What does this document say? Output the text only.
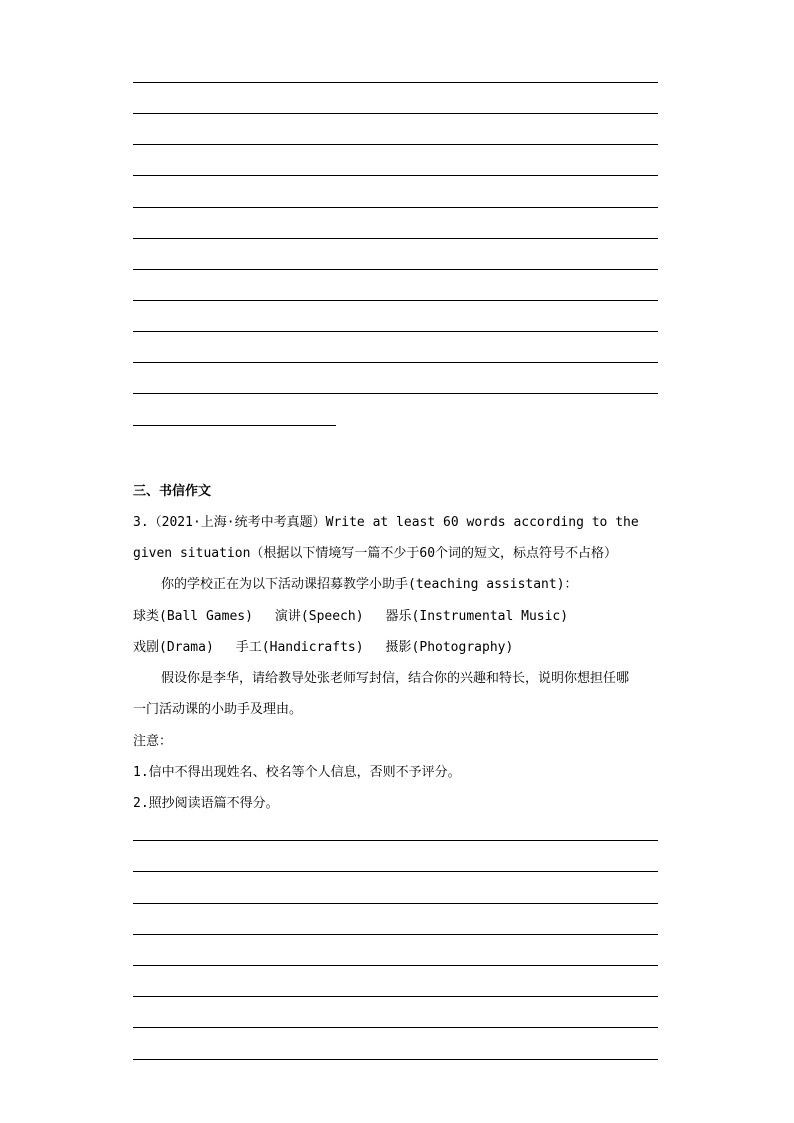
三、书信作文
3.（2021·上海·统考中考真题）Write at least 60 words according to the
given situation（根据以下情境写一篇不少于60个词的短文，标点符号不占格）
你的学校正在为以下活动课招募教学小助手(teaching assistant)：
球类(Ball Games) 演讲(Speech) 器乐(Instrumental Music)
戏剧(Drama) 手工(Handicrafts) 摄影(Photography)
假设你是李华，请给教导处张老师写封信，结合你的兴趣和特长，说明你想担任哪
一门活动课的小助手及理由。
注意：
1.信中不得出现姓名、校名等个人信息，否则不予评分。
2.照抄阅读语篇不得分。
